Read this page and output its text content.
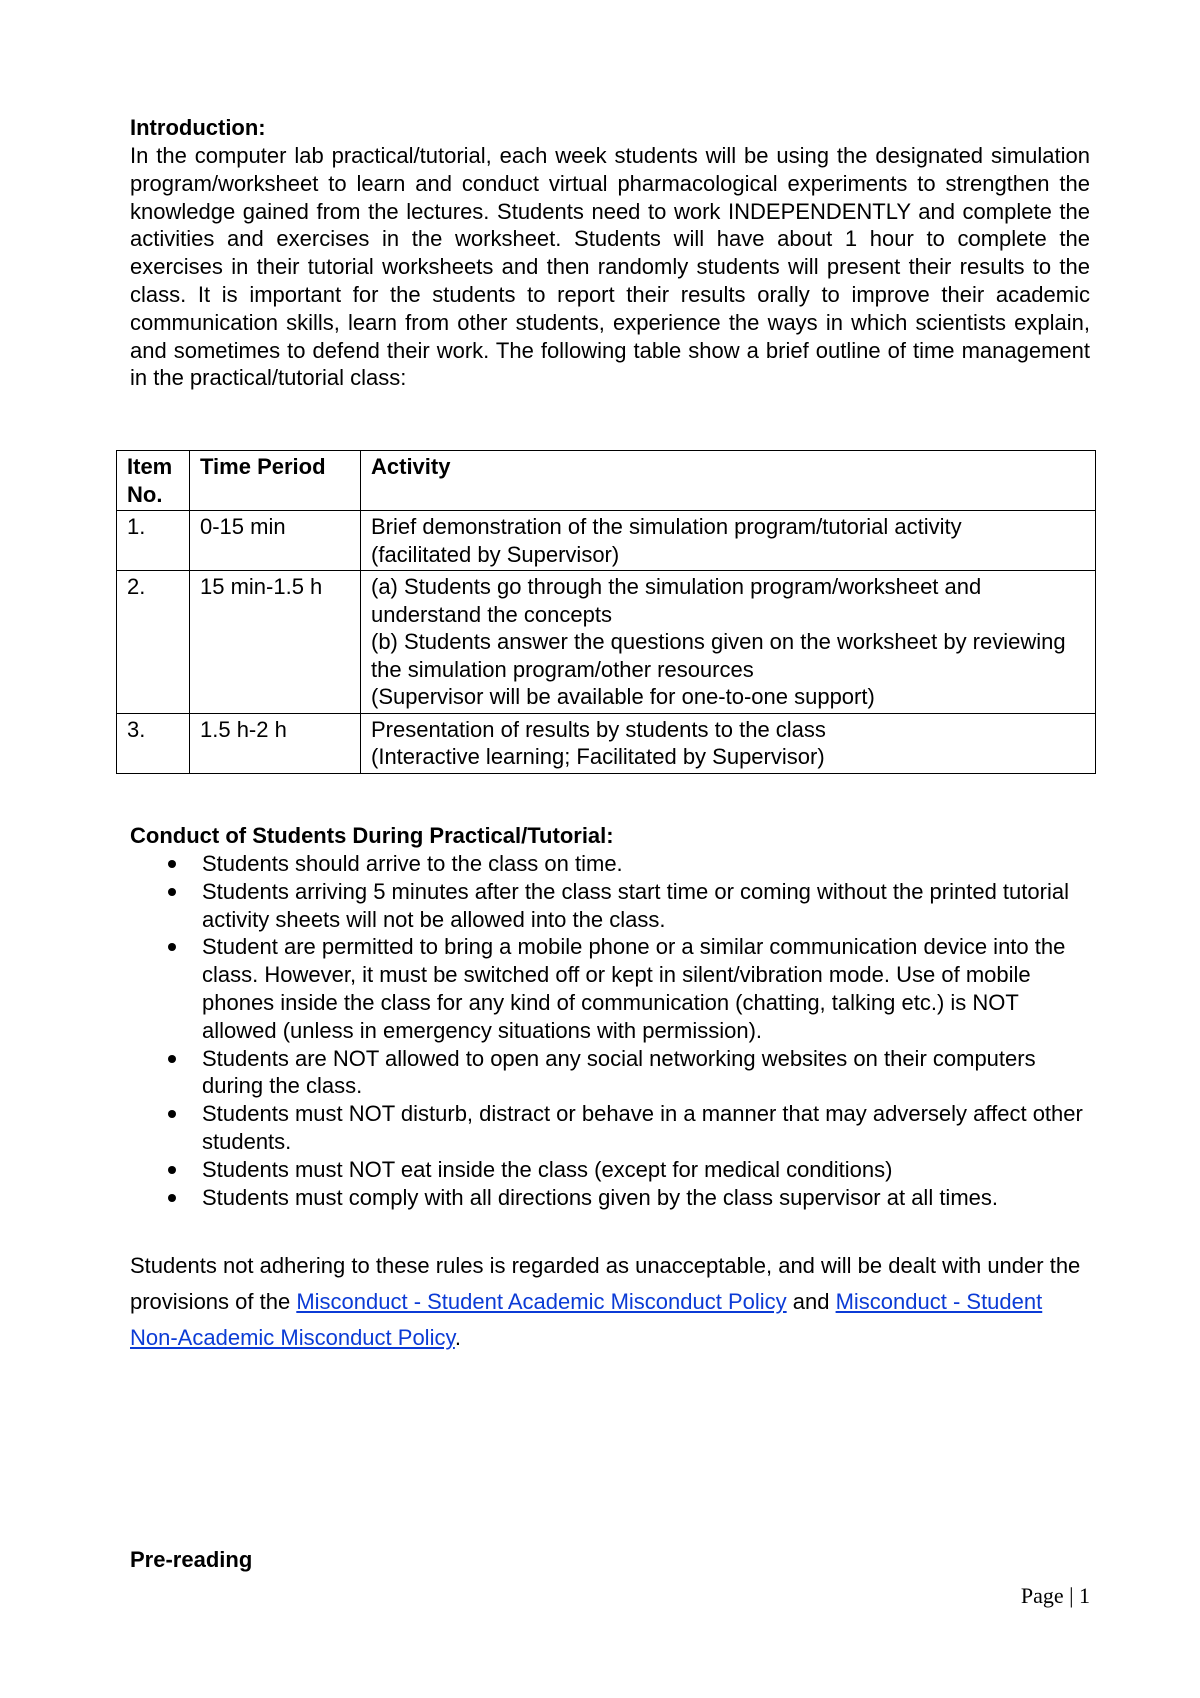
Introduction:

In the computer lab practical/tutorial, each week students will be using the designated simulation program/worksheet to learn and conduct virtual pharmacological experiments to strengthen the knowledge gained from the lectures. Students need to work INDEPENDENTLY and complete the activities and exercises in the worksheet. Students will have about 1 hour to complete the exercises in their tutorial worksheets and then randomly students will present their results to the class. It is important for the students to report their results orally to improve their academic communication skills, learn from other students, experience the ways in which scientists explain, and sometimes to defend their work. The following table show a brief outline of time management in the practical/tutorial class:

Item
No.	Time Period	Activity
1.	0-15 min	Brief demonstration of the simulation program/tutorial activity
(facilitated by Supervisor)

2.	15 min-1.5 h	(a) Students go through the simulation program/worksheet and understand the concepts
(b) Students answer the questions given on the worksheet by reviewing the simulation program/other resources
(Supervisor will be available for one-to-one support)

3.	1.5 h-2 h	Presentation of results by students to the class
(Interactive learning; Facilitated by Supervisor)

Conduct of Students During Practical/Tutorial:

Students should arrive to the class on time.
Students arriving 5 minutes after the class start time or coming without the printed tutorial activity sheets will not be allowed into the class.
Student are permitted to bring a mobile phone or a similar communication device into the class. However, it must be switched off or kept in silent/vibration mode. Use of mobile phones inside the class for any kind of communication (chatting, talking etc.) is NOT allowed (unless in emergency situations with permission).
Students are NOT allowed to open any social networking websites on their computers during the class.
Students must NOT disturb, distract or behave in a manner that may adversely affect other students.
Students must NOT eat inside the class (except for medical conditions)
Students must comply with all directions given by the class supervisor at all times.
Students not adhering to these rules is regarded as unacceptable, and will be dealt with under the provisions of the Misconduct - Student Academic Misconduct Policy and Misconduct - Student Non-Academic Misconduct Policy.
Pre-reading
Page | 1
